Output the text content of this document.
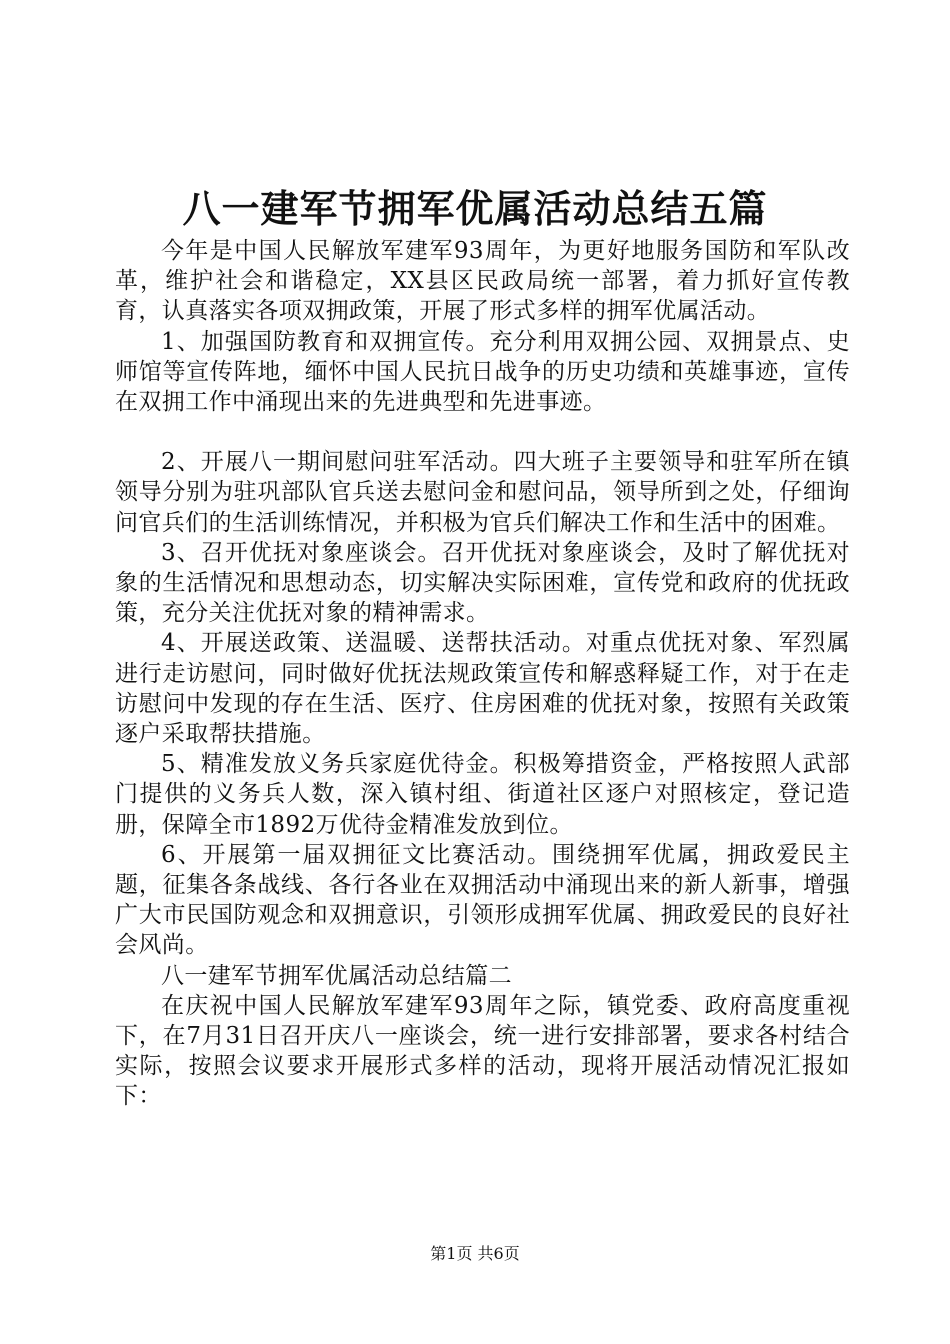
八一建军节拥军优属活动总结五篇

今年是中国人民解放军建军93周年，为更好地服务国防和军队改革，维护社会和谐稳定，XX县区民政局统一部署，着力抓好宣传教育，认真落实各项双拥政策，开展了形式多样的拥军优属活动。

1、加强国防教育和双拥宣传。充分利用双拥公园、双拥景点、史师馆等宣传阵地，缅怀中国人民抗日战争的历史功绩和英雄事迹，宣传在双拥工作中涌现出来的先进典型和先进事迹。

2、开展八一期间慰问驻军活动。四大班子主要领导和驻军所在镇领导分别为驻巩部队官兵送去慰问金和慰问品，领导所到之处，仔细询问官兵们的生活训练情况，并积极为官兵们解决工作和生活中的困难。

3、召开优抚对象座谈会。召开优抚对象座谈会，及时了解优抚对象的生活情况和思想动态，切实解决实际困难，宣传党和政府的优抚政策，充分关注优抚对象的精神需求。

4、开展送政策、送温暖、送帮扶活动。对重点优抚对象、军烈属进行走访慰问，同时做好优抚法规政策宣传和解惑释疑工作，对于在走访慰问中发现的存在生活、医疗、住房困难的优抚对象，按照有关政策逐户采取帮扶措施。

5、精准发放义务兵家庭优待金。积极筹措资金，严格按照人武部门提供的义务兵人数，深入镇村组、街道社区逐户对照核定，登记造册，保障全市1892万优待金精准发放到位。

6、开展第一届双拥征文比赛活动。围绕拥军优属，拥政爱民主题，征集各条战线、各行各业在双拥活动中涌现出来的新人新事，增强广大市民国防观念和双拥意识，引领形成拥军优属、拥政爱民的良好社会风尚。

八一建军节拥军优属活动总结篇二

在庆祝中国人民解放军建军93周年之际，镇党委、政府高度重视下，在7月31日召开庆八一座谈会，统一进行安排部署，要求各村结合实际，按照会议要求开展形式多样的活动，现将开展活动情况汇报如下：

第1页 共6页
